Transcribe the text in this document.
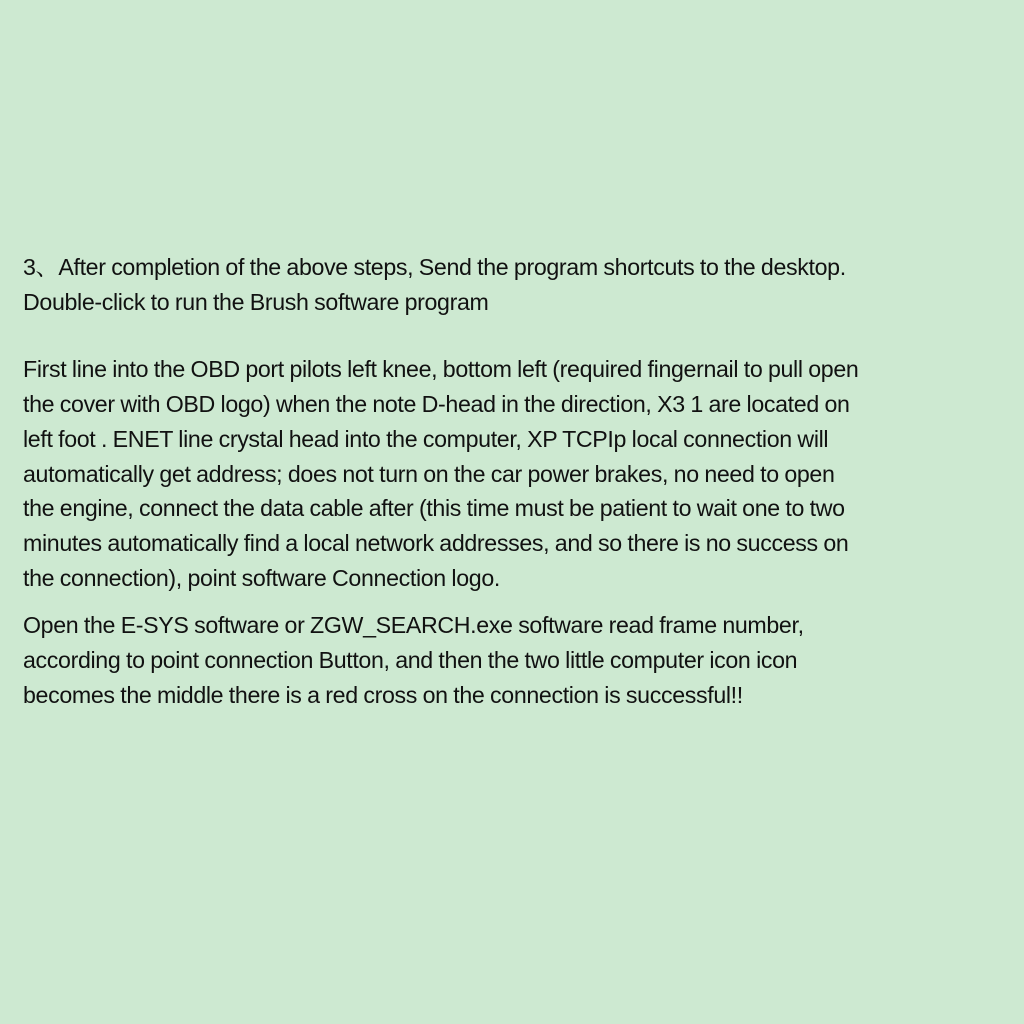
3、After completion of the above steps, Send the program shortcuts to the desktop.
Double-click to run the Brush software program

First line into the OBD port pilots left knee, bottom left (required fingernail to pull open
the cover with OBD logo) when the note D-head in the direction, X3 1 are located on
left foot . ENET line crystal head into the computer, XP TCPIp local connection will
automatically get address; does not turn on the car power brakes, no need to open
the engine, connect the data cable after (this time must be patient to wait one to two
minutes automatically find a local network addresses, and so there is no success on
the connection), point software Connection logo.

Open the E-SYS software or ZGW_SEARCH.exe software read frame number,
according to point connection Button, and then the two little computer icon icon
becomes the middle there is a red cross on the connection is successful!!
